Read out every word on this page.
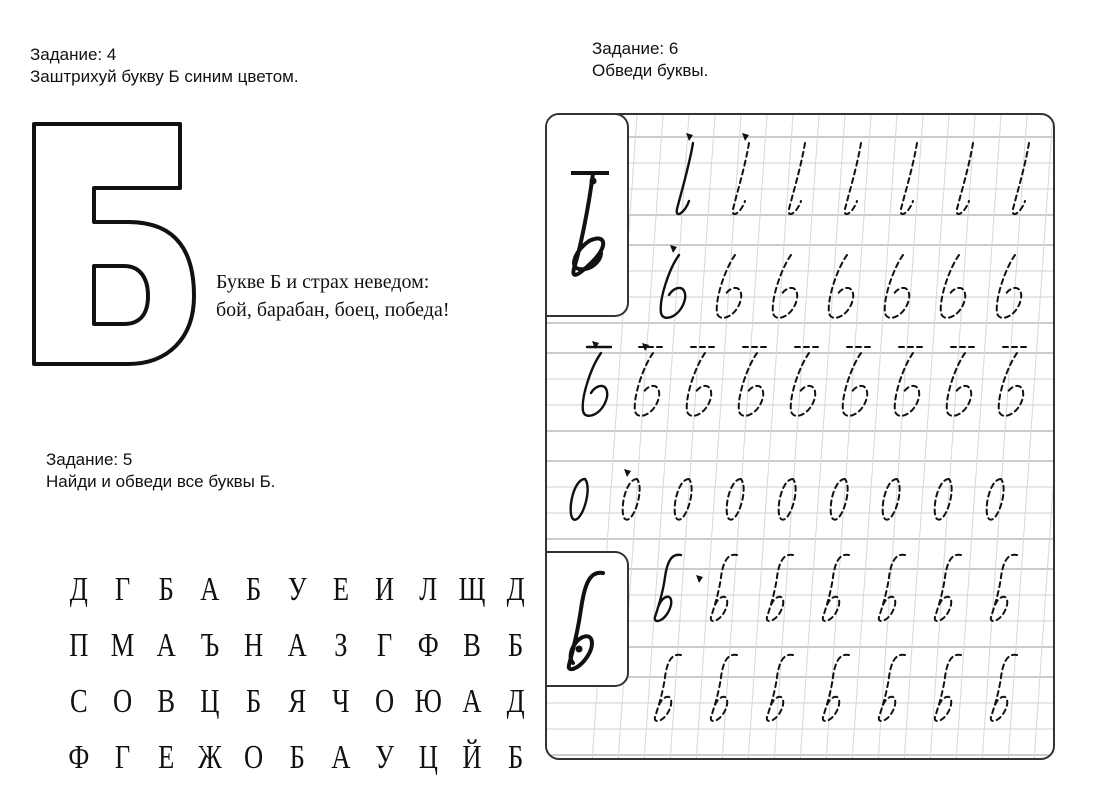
Задание: 4
Заштрихуй букву Б синим цветом.
Букве Б и страх неведом:
бой, барабан, боец, победа!
Задание: 5
Найди и обведи все буквы Б.
Д Г Б А Б У Е И Л Щ Д
П М А Ъ Н А З Г Ф В Б
С О В Ц Б Я Ч О Ю А Д
Ф Г Е Ж О Б А У Ц Й Б
Задание: 6
Обведи буквы.
